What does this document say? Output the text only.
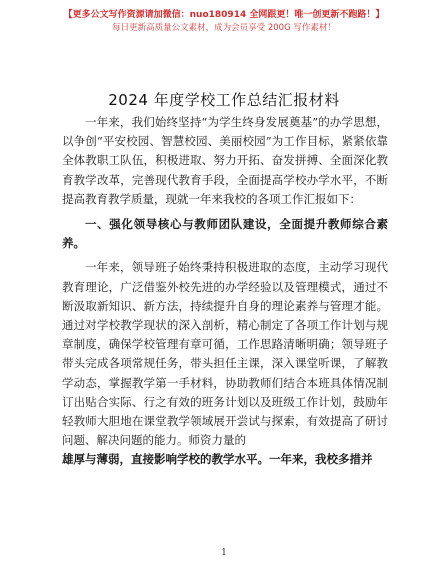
【更多公文写作资源请加微信：nuo180914 全网跟更！唯一创更新不跑路！】
每日更新高质量公文素材，成为会员享受 200G 写作素材！
2024 年度学校工作总结汇报材料

一年来，我们始终坚持“为学生终身发展奠基”的办学思想，以争创“平安校园、智慧校园、美丽校园”为工作目标，紧紧依靠全体教职工队伍，积极进取、努力开拓、奋发拼搏、全面深化教育教学改革，完善现代教育手段，全面提高学校办学水平，不断提高教育教学质量，现就一年来我校的各项工作汇报如下：

一、强化领导核心与教师团队建设，全面提升教师综合素养。

一年来，领导班子始终秉持积极进取的态度，主动学习现代教育理论，广泛借鉴外校先进的办学经验以及管理模式，通过不断汲取新知识、新方法，持续提升自身的理论素养与管理才能。通过对学校教学现状的深入剖析，精心制定了各项工作计划与规章制度，确保学校管理有章可循，工作思路清晰明确；领导班子带头完成各项常规任务，带头担任主课，深入课堂听课，了解教学动态，掌握教学第一手材料，协助教师们结合本班具体情况制订出贴合实际、行之有效的班务计划以及班级工作计划，鼓励年轻教师大胆地在课堂教学领域展开尝试与探索，有效提高了研讨问题、解决问题的能力。师资力量的

雄厚与薄弱，直接影响学校的教学水平。一年来，我校多措并

1
